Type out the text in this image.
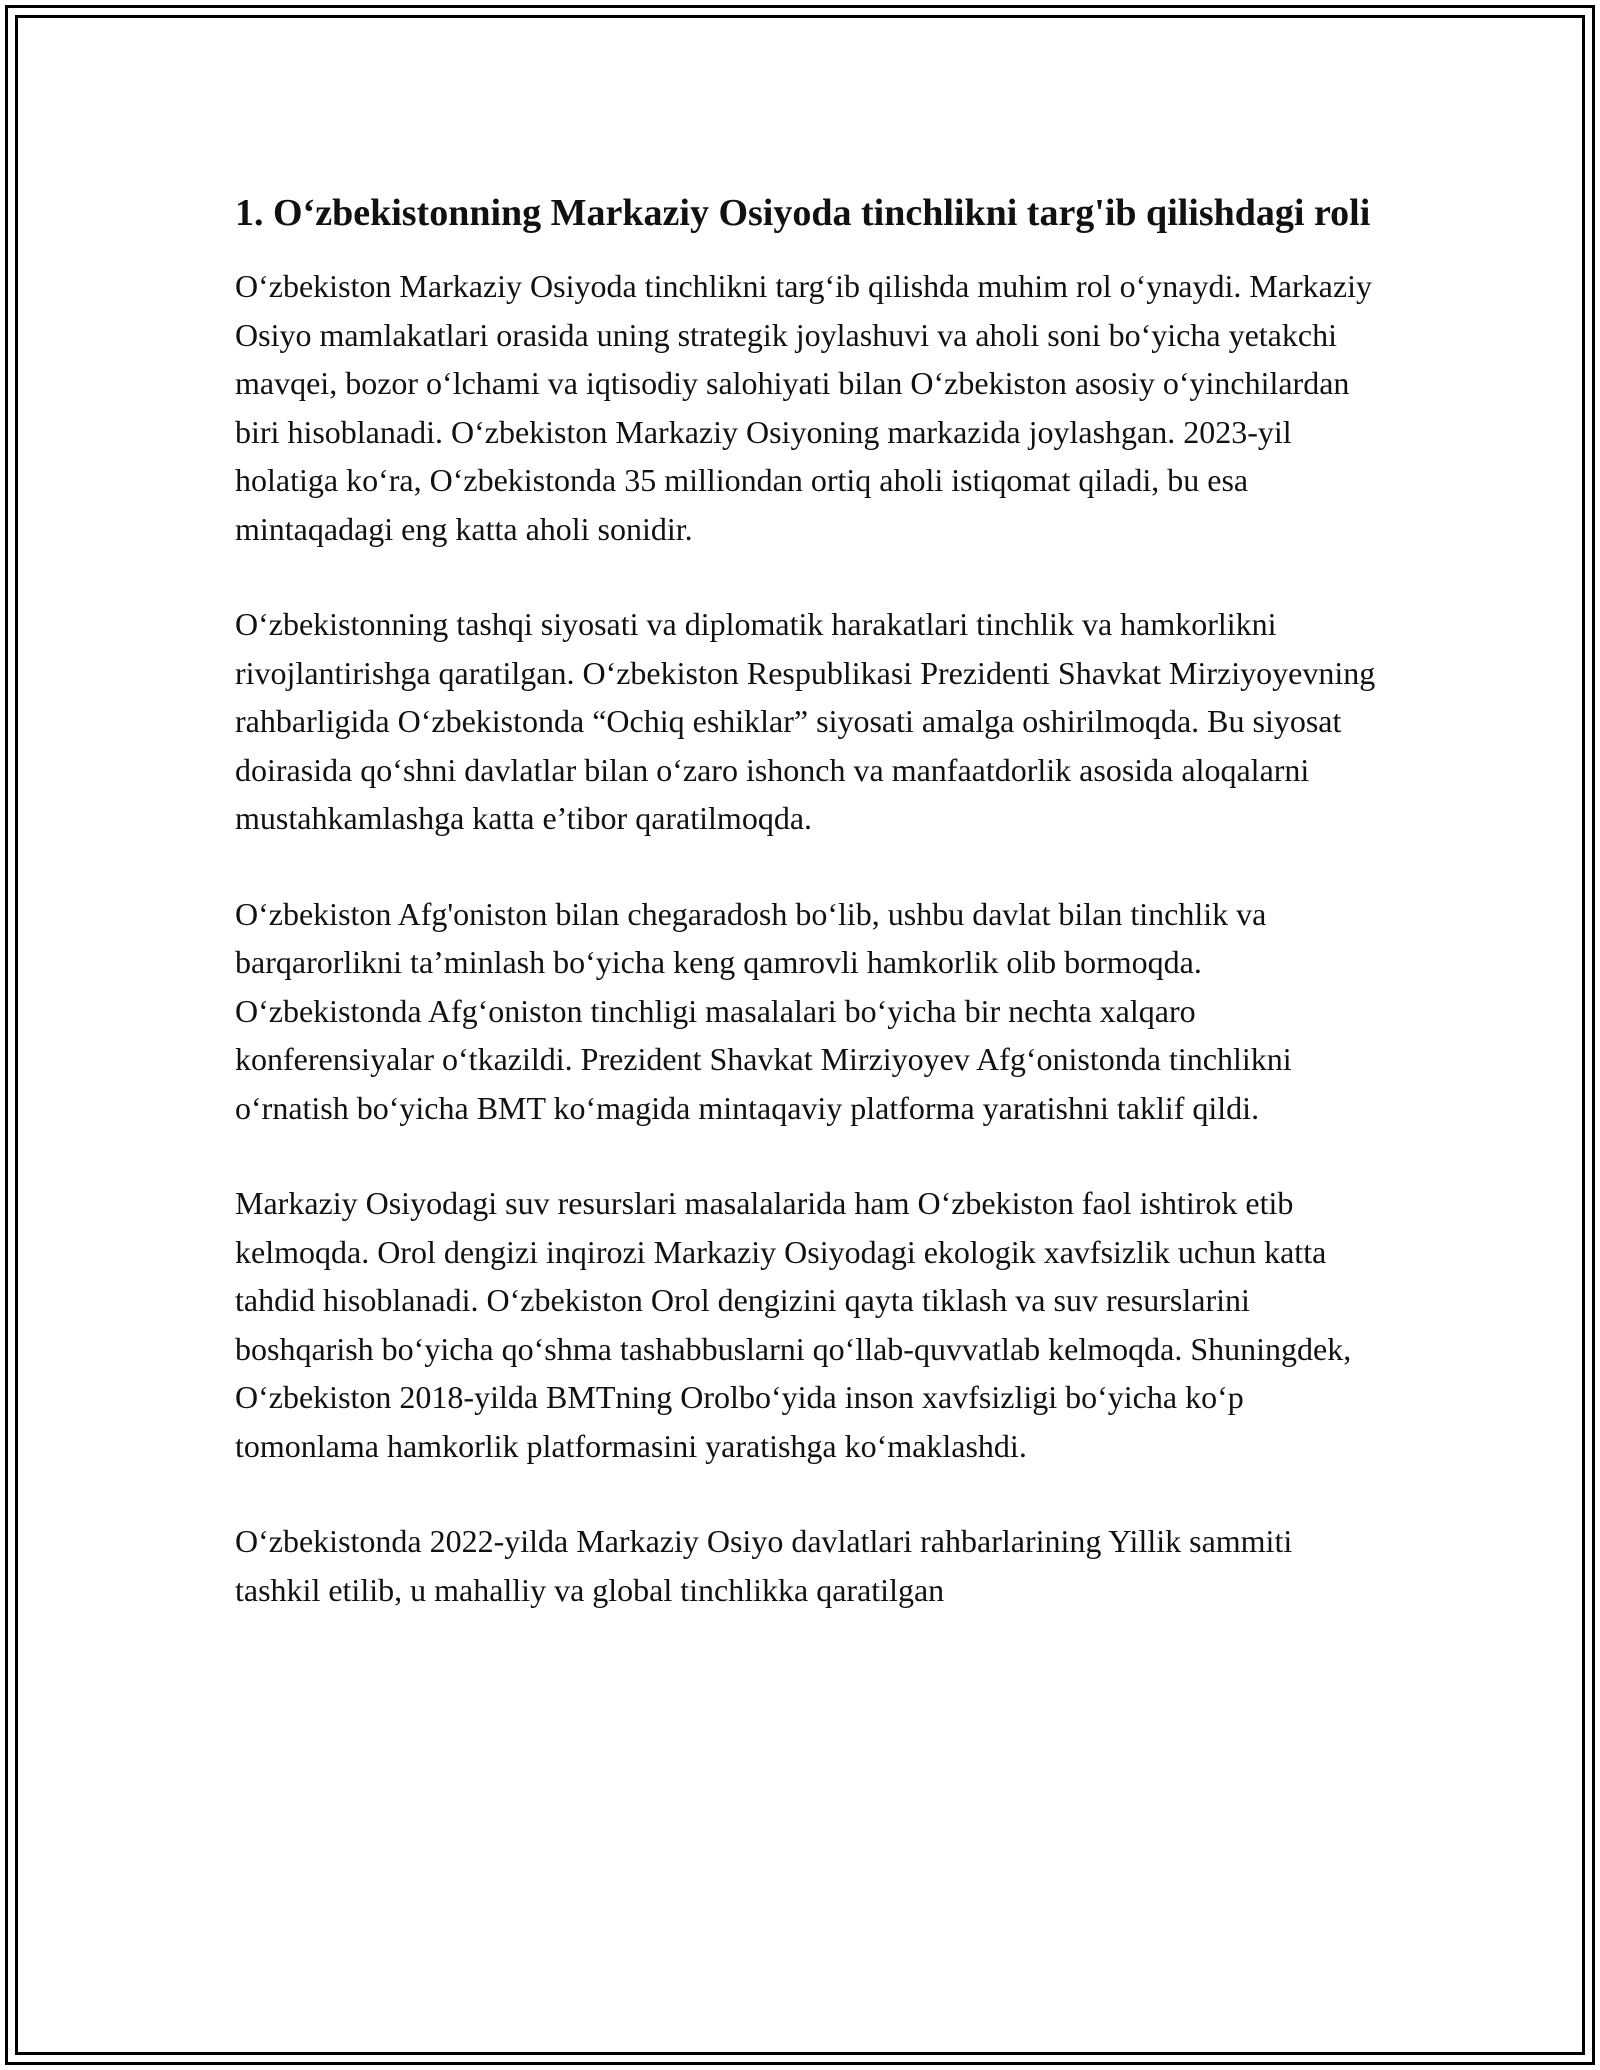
1. O‘zbekistonning Markaziy Osiyoda tinchlikni targ'ib qilishdagi roli

O‘zbekiston Markaziy Osiyoda tinchlikni targ‘ib qilishda muhim rol o‘ynaydi. Markaziy Osiyo mamlakatlari orasida uning strategik joylashuvi va aholi soni bo‘yicha yetakchi mavqei, bozor o‘lchami va iqtisodiy salohiyati bilan O‘zbekiston asosiy o‘yinchilardan biri hisoblanadi. O‘zbekiston Markaziy Osiyoning markazida joylashgan. 2023-yil holatiga ko‘ra, O‘zbekistonda 35 milliondan ortiq aholi istiqomat qiladi, bu esa mintaqadagi eng katta aholi sonidir.

O‘zbekistonning tashqi siyosati va diplomatik harakatlari tinchlik va hamkorlikni rivojlantirishga qaratilgan. O‘zbekiston Respublikasi Prezidenti Shavkat Mirziyoyevning rahbarligida O‘zbekistonda “Ochiq eshiklar” siyosati amalga oshirilmoqda. Bu siyosat doirasida qo‘shni davlatlar bilan o‘zaro ishonch va manfaatdorlik asosida aloqalarni mustahkamlashga katta e’tibor qaratilmoqda.

O‘zbekiston Afg'oniston bilan chegaradosh bo‘lib, ushbu davlat bilan tinchlik va barqarorlikni ta’minlash bo‘yicha keng qamrovli hamkorlik olib bormoqda. O‘zbekistonda Afg‘oniston tinchligi masalalari bo‘yicha bir nechta xalqaro konferensiyalar o‘tkazildi. Prezident Shavkat Mirziyoyev Afg‘onistonda tinchlikni o‘rnatish bo‘yicha BMT ko‘magida mintaqaviy platforma yaratishni taklif qildi.

Markaziy Osiyodagi suv resurslari masalalarida ham O‘zbekiston faol ishtirok etib kelmoqda. Orol dengizi inqirozi Markaziy Osiyodagi ekologik xavfsizlik uchun katta tahdid hisoblanadi. O‘zbekiston Orol dengizini qayta tiklash va suv resurslarini boshqarish bo‘yicha qo‘shma tashabbuslarni qo‘llab-quvvatlab kelmoqda. Shuningdek, O‘zbekiston 2018-yilda BMTning Orolbo‘yida inson xavfsizligi bo‘yicha ko‘p tomonlama hamkorlik platformasini yaratishga ko‘maklashdi.

O‘zbekistonda 2022-yilda Markaziy Osiyo davlatlari rahbarlarining Yillik sammiti tashkil etilib, u mahalliy va global tinchlikka qaratilgan
